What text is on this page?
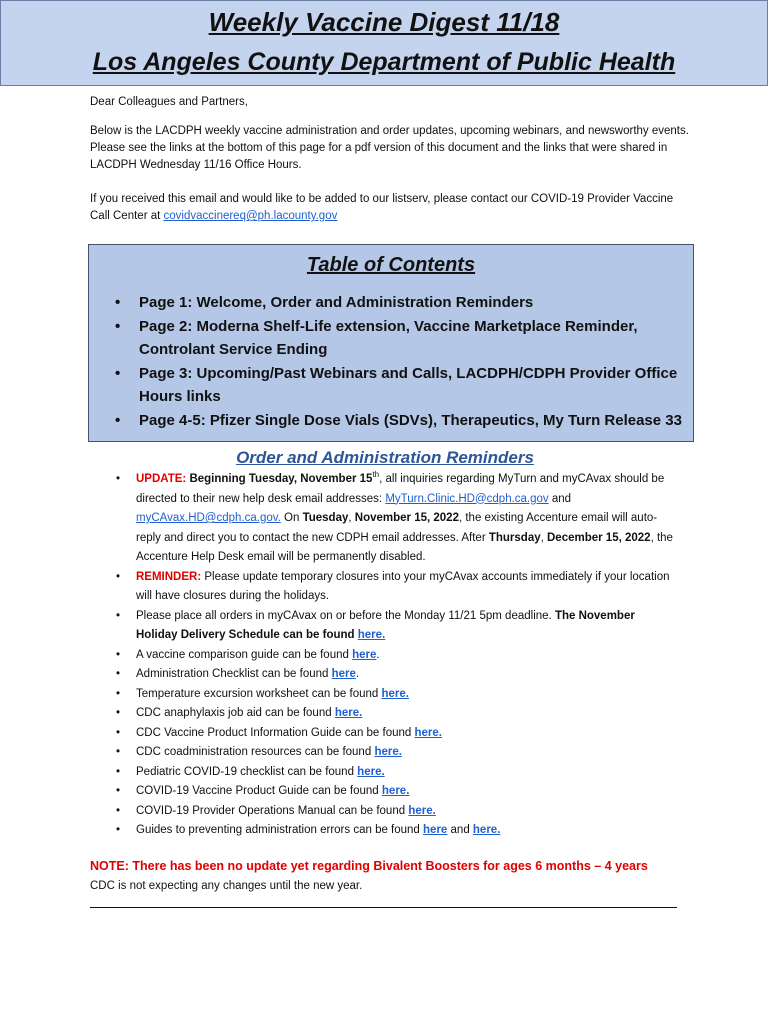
Weekly Vaccine Digest 11/18
Los Angeles County Department of Public Health

Dear Colleagues and Partners,

Below is the LACDPH weekly vaccine administration and order updates, upcoming webinars, and newsworthy events. Please see the links at the bottom of this page for a pdf version of this document and the links that were shared in LACDPH Wednesday 11/16 Office Hours.

If you received this email and would like to be added to our listserv, please contact our COVID-19 Provider Vaccine Call Center at covidvaccinereq@ph.lacounty.gov

Table of Contents
• Page 1: Welcome, Order and Administration Reminders
• Page 2: Moderna Shelf-Life extension, Vaccine Marketplace Reminder, Controlant Service Ending
• Page 3: Upcoming/Past Webinars and Calls, LACDPH/CDPH Provider Office Hours links
• Page 4-5: Pfizer Single Dose Vials (SDVs), Therapeutics, My Turn Release 33
Order and Administration Reminders
• UPDATE: Beginning Tuesday, November 15th, all inquiries regarding MyTurn and myCAvax should be directed to their new help desk email addresses: MyTurn.Clinic.HD@cdph.ca.gov and myCAvax.HD@cdph.ca.gov. On Tuesday, November 15, 2022, the existing Accenture email will auto-reply and direct you to contact the new CDPH email addresses. After Thursday, December 15, 2022, the Accenture Help Desk email will be permanently disabled.
• REMINDER: Please update temporary closures into your myCAvax accounts immediately if your location will have closures during the holidays.
• Please place all orders in myCAvax on or before the Monday 11/21 5pm deadline. The November Holiday Delivery Schedule can be found here.
• A vaccine comparison guide can be found here.
• Administration Checklist can be found here.
• Temperature excursion worksheet can be found here.
• CDC anaphylaxis job aid can be found here.
• CDC Vaccine Product Information Guide can be found here.
• CDC coadministration resources can be found here.
• Pediatric COVID-19 checklist can be found here.
• COVID-19 Vaccine Product Guide can be found here.
• COVID-19 Provider Operations Manual can be found here.
• Guides to preventing administration errors can be found here and here.
NOTE: There has been no update yet regarding Bivalent Boosters for ages 6 months – 4 years
CDC is not expecting any changes until the new year.
